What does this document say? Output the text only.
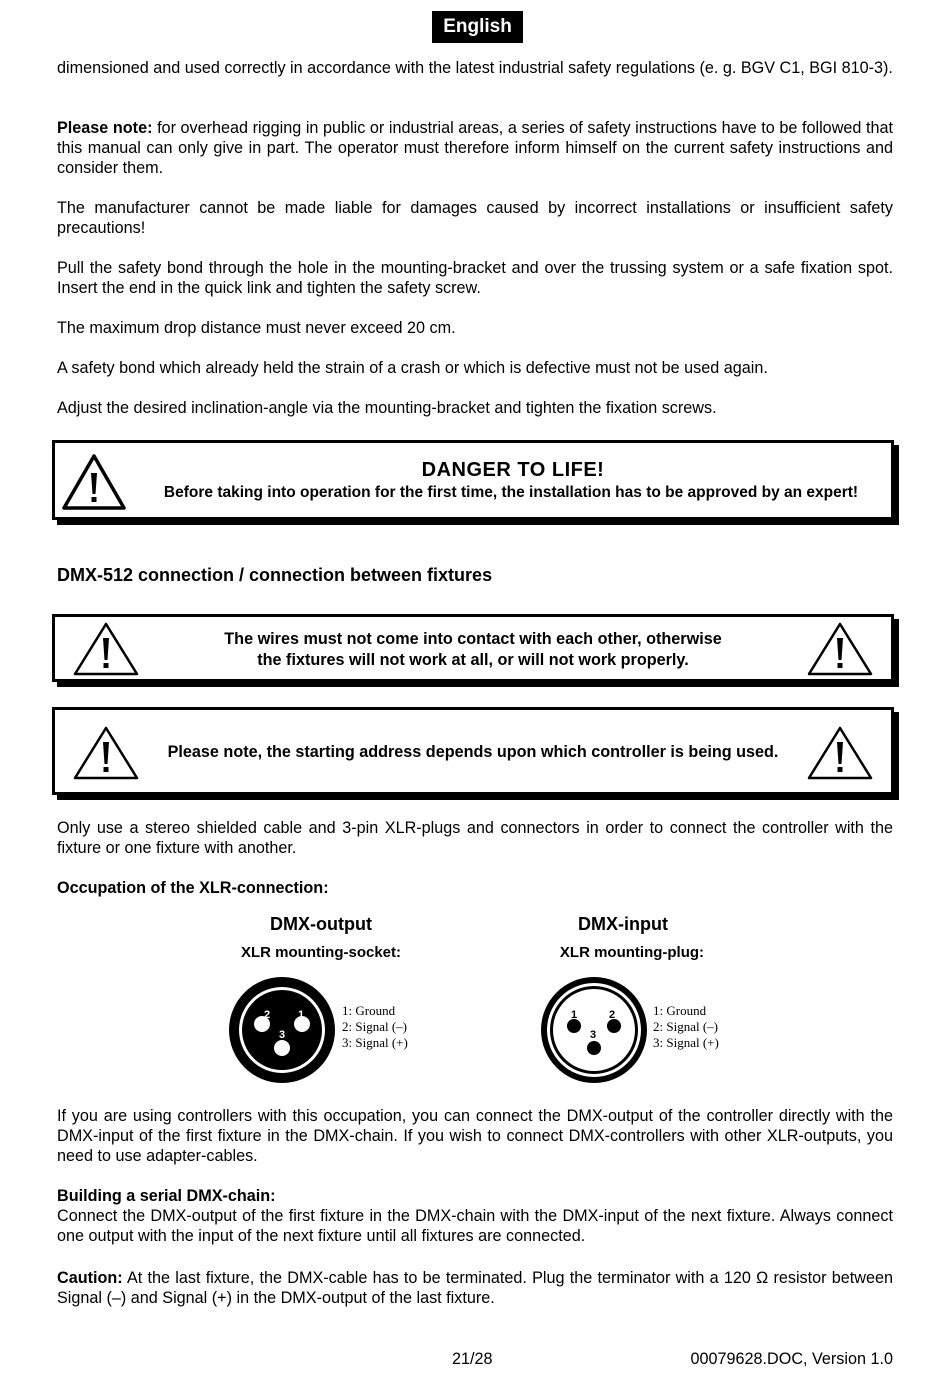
English

dimensioned and used correctly in accordance with the latest industrial safety regulations (e. g. BGV C1, BGI 810-3).

Please note: for overhead rigging in public or industrial areas, a series of safety instructions have to be followed that this manual can only give in part. The operator must therefore inform himself on the current safety instructions and consider them.

The manufacturer cannot be made liable for damages caused by incorrect installations or insufficient safety precautions!

Pull the safety bond through the hole in the mounting-bracket and over the trussing system or a safe fixation spot. Insert the end in the quick link and tighten the safety screw.

The maximum drop distance must never exceed 20 cm.

A safety bond which already held the strain of a crash or which is defective must not be used again.

Adjust the desired inclination-angle via the mounting-bracket and tighten the fixation screws.

DANGER TO LIFE!
Before taking into operation for the first time, the installation has to be approved by an expert!

DMX-512 connection / connection between fixtures

The wires must not come into contact with each other, otherwise
the fixtures will not work at all, or will not work properly.
Please note, the starting address depends upon which controller is being used.

Only use a stereo shielded cable and 3-pin XLR-plugs and connectors in order to connect the controller with the fixture or one fixture with another.

Occupation of the XLR-connection:

DMX-output
XLR mounting-socket:
2	1
3
1: Ground
2: Signal (–)
3: Signal (+)
DMX-input
XLR mounting-plug:
1	2
3
1: Ground
2: Signal (–)
3: Signal (+)

If you are using controllers with this occupation, you can connect the DMX-output of the controller directly with the DMX-input of the first fixture in the DMX-chain. If you wish to connect DMX-controllers with other XLR-outputs, you need to use adapter-cables.

Building a serial DMX-chain:

Connect the DMX-output of the first fixture in the DMX-chain with the DMX-input of the next fixture. Always connect one output with the input of the next fixture until all fixtures are connected.

Caution: At the last fixture, the DMX-cable has to be terminated. Plug the terminator with a 120 Ω resistor between Signal (–) and Signal (+) in the DMX-output of the last fixture.

21/28	00079628.DOC, Version 1.0
